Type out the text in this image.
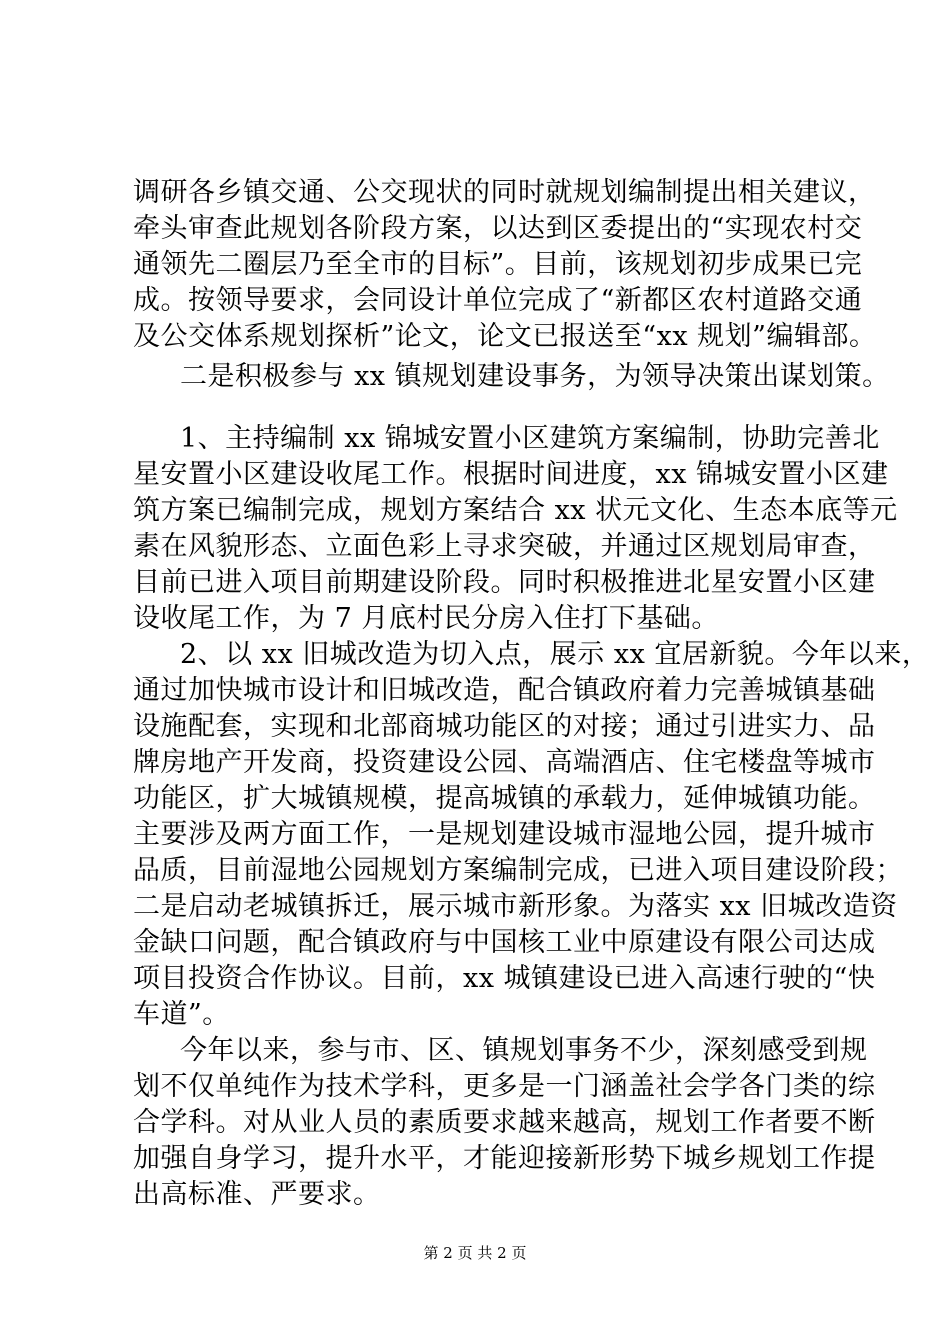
调研各乡镇交通、公交现状的同时就规划编制提出相关建议，
牵头审查此规划各阶段方案，以达到区委提出的“实现农村交
通领先二圈层乃至全市的目标”。目前，该规划初步成果已完
成。按领导要求，会同设计单位完成了“新都区农村道路交通
及公交体系规划探析”论文，论文已报送至“xx 规划”编辑部。
二是积极参与 xx 镇规划建设事务，为领导决策出谋划策。
1、主持编制 xx 锦城安置小区建筑方案编制，协助完善北
星安置小区建设收尾工作。根据时间进度，xx 锦城安置小区建
筑方案已编制完成，规划方案结合 xx 状元文化、生态本底等元
素在风貌形态、立面色彩上寻求突破，并通过区规划局审查，
目前已进入项目前期建设阶段。同时积极推进北星安置小区建
设收尾工作，为 7 月底村民分房入住打下基础。
2、以 xx 旧城改造为切入点，展示 xx 宜居新貌。今年以来，
通过加快城市设计和旧城改造，配合镇政府着力完善城镇基础
设施配套，实现和北部商城功能区的对接；通过引进实力、品
牌房地产开发商，投资建设公园、高端酒店、住宅楼盘等城市
功能区，扩大城镇规模，提高城镇的承载力，延伸城镇功能。
主要涉及两方面工作，一是规划建设城市湿地公园，提升城市
品质，目前湿地公园规划方案编制完成，已进入项目建设阶段；
二是启动老城镇拆迁，展示城市新形象。为落实 xx 旧城改造资
金缺口问题，配合镇政府与中国核工业中原建设有限公司达成
项目投资合作协议。目前，xx 城镇建设已进入高速行驶的“快
车道”。
今年以来，参与市、区、镇规划事务不少，深刻感受到规
划不仅单纯作为技术学科，更多是一门涵盖社会学各门类的综
合学科。对从业人员的素质要求越来越高，规划工作者要不断
加强自身学习，提升水平，才能迎接新形势下城乡规划工作提
出高标准、严要求。
第 2 页 共 2 页
